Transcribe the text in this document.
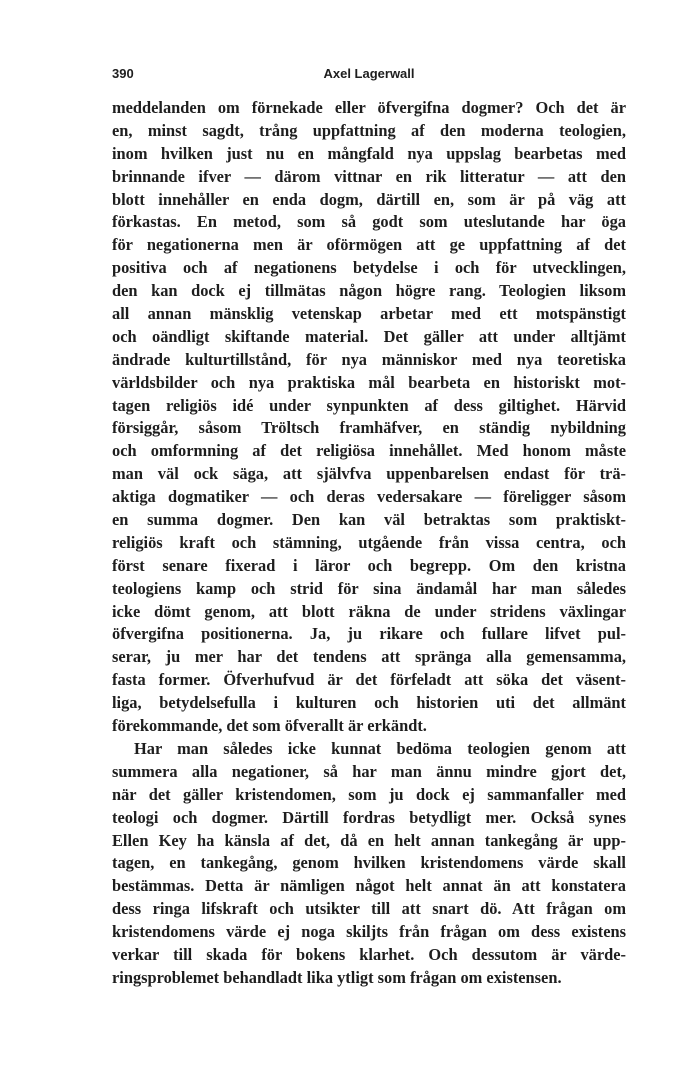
390	Axel Lagerwall
meddelanden om förnekade eller öfvergifna dogmer? Och det är
en, minst sagdt, trång uppfattning af den moderna teologien,
inom hvilken just nu en mångfald nya uppslag bearbetas med
brinnande ifver — därom vittnar en rik litteratur — att den
blott innehåller en enda dogm, därtill en, som är på väg att
förkastas. En metod, som så godt som uteslutande har öga
för negationerna men är oförmögen att ge uppfattning af det
positiva och af negationens betydelse i och för utvecklingen,
den kan dock ej tillmätas någon högre rang. Teologien liksom
all annan mänsklig vetenskap arbetar med ett motspänstigt
och oändligt skiftande material. Det gäller att under alltjämt
ändrade kulturtillstånd, för nya människor med nya teoretiska
världsbilder och nya praktiska mål bearbeta en historiskt mot-
tagen religiös idé under synpunkten af dess giltighet. Härvid
försiggår, såsom Tröltsch framhäfver, en ständig nybildning
och omformning af det religiösa innehållet. Med honom måste
man väl ock säga, att självfva uppenbarelsen endast för trä-
aktiga dogmatiker — och deras vedersakare — föreligger såsom
en summa dogmer. Den kan väl betraktas som praktiskt-
religiös kraft och stämning, utgående från vissa centra, och
först senare fixerad i läror och begrepp. Om den kristna
teologiens kamp och strid för sina ändamål har man således
icke dömt genom, att blott räkna de under stridens växlingar
öfvergifna positionerna. Ja, ju rikare och fullare lifvet pul-
serar, ju mer har det tendens att spränga alla gemensamma,
fasta former. Öfverhufvud är det förfeladt att söka det väsent-
liga, betydelsefulla i kulturen och historien uti det allmänt
förekommande, det som öfverallt är erkändt.
Har man således icke kunnat bedöma teologien genom att
summera alla negationer, så har man ännu mindre gjort det,
när det gäller kristendomen, som ju dock ej sammanfaller med
teologi och dogmer. Därtill fordras betydligt mer. Också synes
Ellen Key ha känsla af det, då en helt annan tankegång är upp-
tagen, en tankegång, genom hvilken kristendomens värde skall
bestämmas. Detta är nämligen något helt annat än att konstatera
dess ringa lifskraft och utsikter till att snart dö. Att frågan om
kristendomens värde ej noga skiljts från frågan om dess existens
verkar till skada för bokens klarhet. Och dessutom är värde-
ringsproblemet behandladt lika ytligt som frågan om existensen.
